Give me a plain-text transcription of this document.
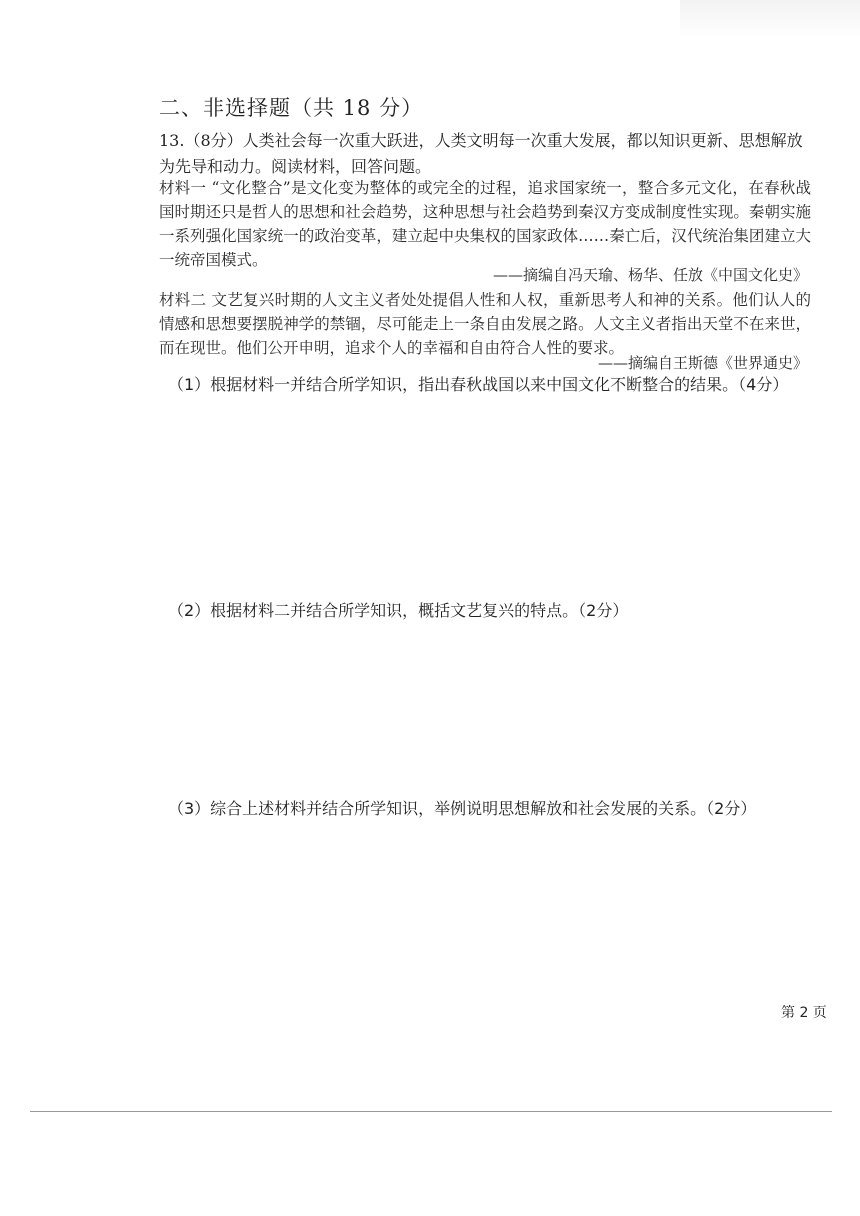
二、非选择题（共 18 分）
13.（8分）人类社会每一次重大跃进，人类文明每一次重大发展，都以知识更新、思想解放为先导和动力。阅读材料，回答问题。
材料一 “文化整合”是文化变为整体的或完全的过程，追求国家统一，整合多元文化，在春秋战国时期还只是哲人的思想和社会趋势，这种思想与社会趋势到秦汉方变成制度性实现。秦朝实施一系列强化国家统一的政治变革，建立起中央集权的国家政体……秦亡后，汉代统治集团建立大一统帝国模式。
——摘编自冯天瑜、杨华、任放《中国文化史》
材料二 文艺复兴时期的人文主义者处处提倡人性和人权，重新思考人和神的关系。他们认人的情感和思想要摆脱神学的禁锢，尽可能走上一条自由发展之路。人文主义者指出天堂不在来世，而在现世。他们公开申明，追求个人的幸福和自由符合人性的要求。
——摘编自王斯德《世界通史》
（1）根据材料一并结合所学知识，指出春秋战国以来中国文化不断整合的结果。（4分）
（2）根据材料二并结合所学知识，概括文艺复兴的特点。（2分）
（3）综合上述材料并结合所学知识，举例说明思想解放和社会发展的关系。（2分）
第 2 页
